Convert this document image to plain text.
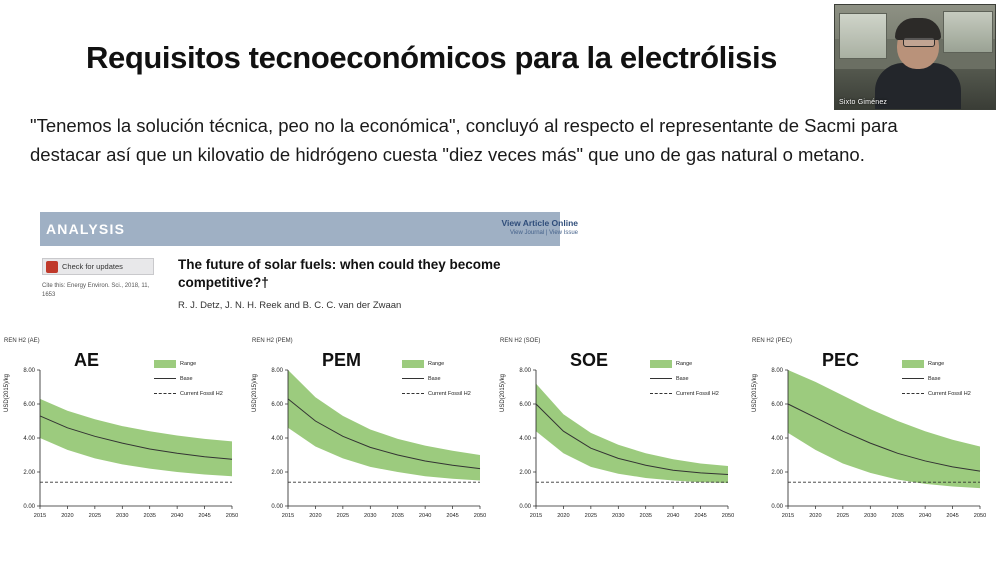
Requisitos tecnoeconómicos para la electrólisis
"Tenemos la solución técnica, peo no la económica", concluyó al respecto el representante de Sacmi para destacar así que un kilovatio de hidrógeno cuesta "diez veces más" que uno de gas natural o metano.
Sixto Giménez
ANALYSIS	View Article Online
View Journal | View Issue
Check for updates
Cite this: Energy Environ. Sci., 2018, 11, 1653
The future of solar fuels: when could they become competitive?†
R. J. Detz, J. N. H. Reek and B. C. C. van der Zwaan
REN H2 (AE)
AE	Range
Base
Current Fossil H2
USD(2015)/kg
8.00
6.00
4.00
2.00
0.00
2015	2020	2025	2030	2035	2040	2045	2050
REN H2 (PEM)
PEM	Range
Base
Current Fossil H2
USD(2015)/kg
8.00
6.00
4.00
2.00
0.00
2015	2020	2025	2030	2035	2040	2045	2050
REN H2 (SOE)
SOE	Range
Base
Current Fossil H2
USD(2015)/kg
8.00
6.00
4.00
2.00
0.00
2015	2020	2025	2030	2035	2040	2045	2050
REN H2 (PEC)
PEC	Range
Base
Current Fossil H2
USD(2015)/kg
8.00
6.00
4.00
2.00
0.00
2015	2020	2025	2030	2035	2040	2045	2050
